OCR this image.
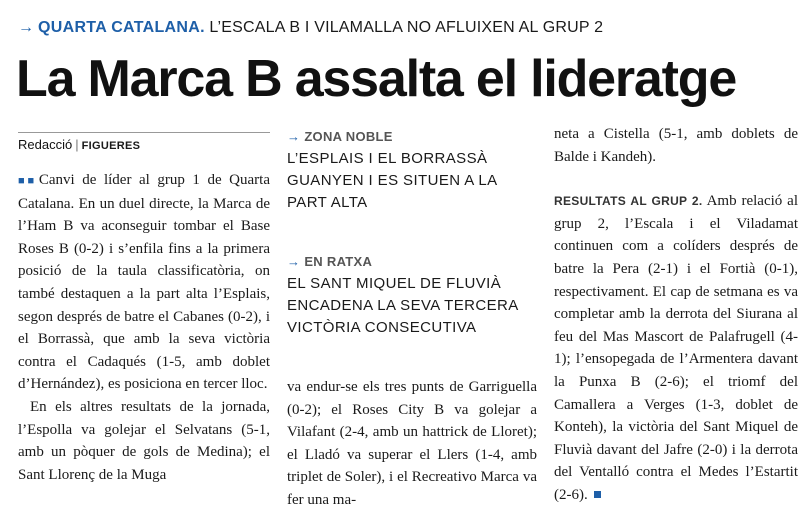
→ QUARTA CATALANA. L’ESCALA B I VILAMALLA NO AFLUIXEN AL GRUP 2
La Marca B assalta el lideratge
Redacció | FIGUERES

■■ Canvi de líder al grup 1 de Quarta Catalana. En un duel directe, la Marca de l’Ham B va aconseguir tombar el Base Roses B (0-2) i s’enfila fins a la primera posició de la taula classificatòria, on també destaquen a la part alta l’Esplais, segon després de batre el Cabanes (0-2), i el Borrassà, que amb la seva victòria contra el Cadaqués (1-5, amb doblet d’Hernández), es posiciona en tercer lloc.

En els altres resultats de la jornada, l’Espolla va golejar el Selvatans (5-1, amb un pòquer de gols de Medina); el Sant Llorenç de la Muga

→ ZONA NOBLE
L’ESPLAIS I EL BORRASSÀ GUANYEN I ES SITUEN A LA PART ALTA
→ EN RATXA
EL SANT MIQUEL DE FLUVIÀ ENCADENA LA SEVA TERCERA VICTÒRIA CONSECUTIVA

va endur-se els tres punts de Garriguella (0-2); el Roses City B va golejar a Vilafant (2-4, amb un hattrick de Lloret); el Lladó va superar el Llers (1-4, amb triplet de Soler), i el Recreativo Marca va fer una ma-

neta a Cistella (5-1, amb doblets de Balde i Kandeh).

RESULTATS AL GRUP 2. Amb relació al grup 2, l’Escala i el Viladamat continuen com a colíders després de batre la Pera (2-1) i el Fortià (0-1), respectivament. El cap de setmana es va completar amb la derrota del Siurana al feu del Mas Mascort de Palafrugell (4-1); l’ensopegada de l’Armentera davant la Punxa B (2-6); el triomf del Camallera a Verges (1-3, doblet de Konteh), la victòria del Sant Miquel de Fluvià davant del Jafre (2-0) i la derrota del Ventalló contra el Medes l’Estartit (2-6).
